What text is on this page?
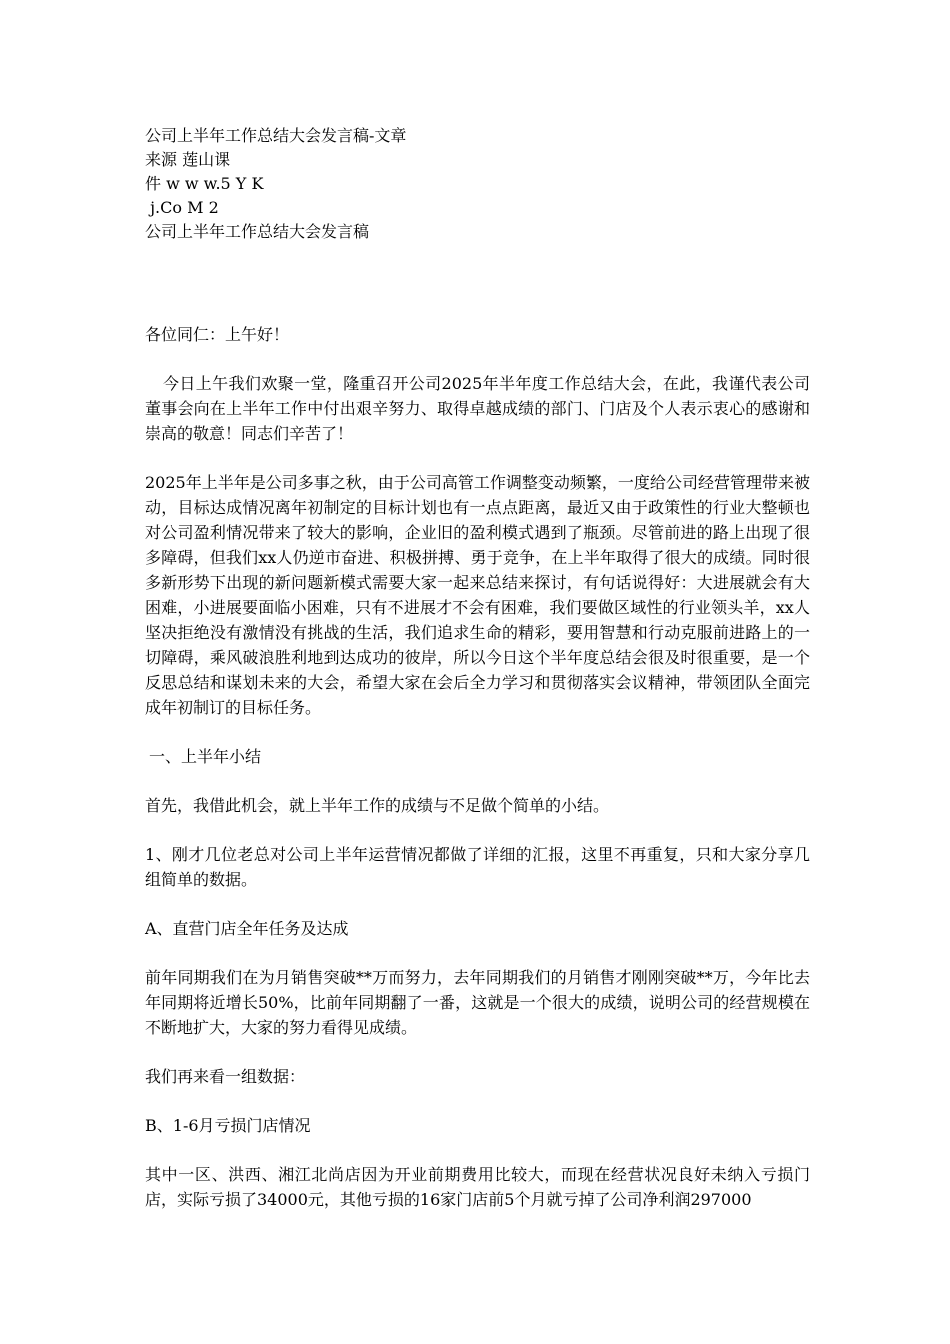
公司上半年工作总结大会发言稿-文章
来源 莲山课
件 w w w.5 Y K
j.Co M 2
公司上半年工作总结大会发言稿

各位同仁：上午好！

今日上午我们欢聚一堂，隆重召开公司2025年半年度工作总结大会，在此，我谨代表公司董事会向在上半年工作中付出艰辛努力、取得卓越成绩的部门、门店及个人表示衷心的感谢和崇高的敬意！同志们辛苦了！

2025年上半年是公司多事之秋，由于公司高管工作调整变动频繁，一度给公司经营管理带来被动，目标达成情况离年初制定的目标计划也有一点点距离，最近又由于政策性的行业大整顿也对公司盈利情况带来了较大的影响，企业旧的盈利模式遇到了瓶颈。尽管前进的路上出现了很多障碍，但我们xx人仍逆市奋进、积极拼搏、勇于竞争，在上半年取得了很大的成绩。同时很多新形势下出现的新问题新模式需要大家一起来总结来探讨，有句话说得好：大进展就会有大困难，小进展要面临小困难，只有不进展才不会有困难，我们要做区域性的行业领头羊，xx人坚决拒绝没有激情没有挑战的生活，我们追求生命的精彩，要用智慧和行动克服前进路上的一切障碍，乘风破浪胜利地到达成功的彼岸，所以今日这个半年度总结会很及时很重要，是一个反思总结和谋划未来的大会，希望大家在会后全力学习和贯彻落实会议精神，带领团队全面完成年初制订的目标任务。

一、上半年小结

首先，我借此机会，就上半年工作的成绩与不足做个简单的小结。

1、刚才几位老总对公司上半年运营情况都做了详细的汇报，这里不再重复，只和大家分享几组简单的数据。

A、直营门店全年任务及达成

前年同期我们在为月销售突破**万而努力，去年同期我们的月销售才刚刚突破**万，今年比去年同期将近增长50%，比前年同期翻了一番，这就是一个很大的成绩，说明公司的经营规模在不断地扩大，大家的努力看得见成绩。

我们再来看一组数据：

B、1-6月亏损门店情况

其中一区、洪西、湘江北尚店因为开业前期费用比较大，而现在经营状况良好未纳入亏损门店，实际亏损了34000元，其他亏损的16家门店前5个月就亏掉了公司净利润297000
